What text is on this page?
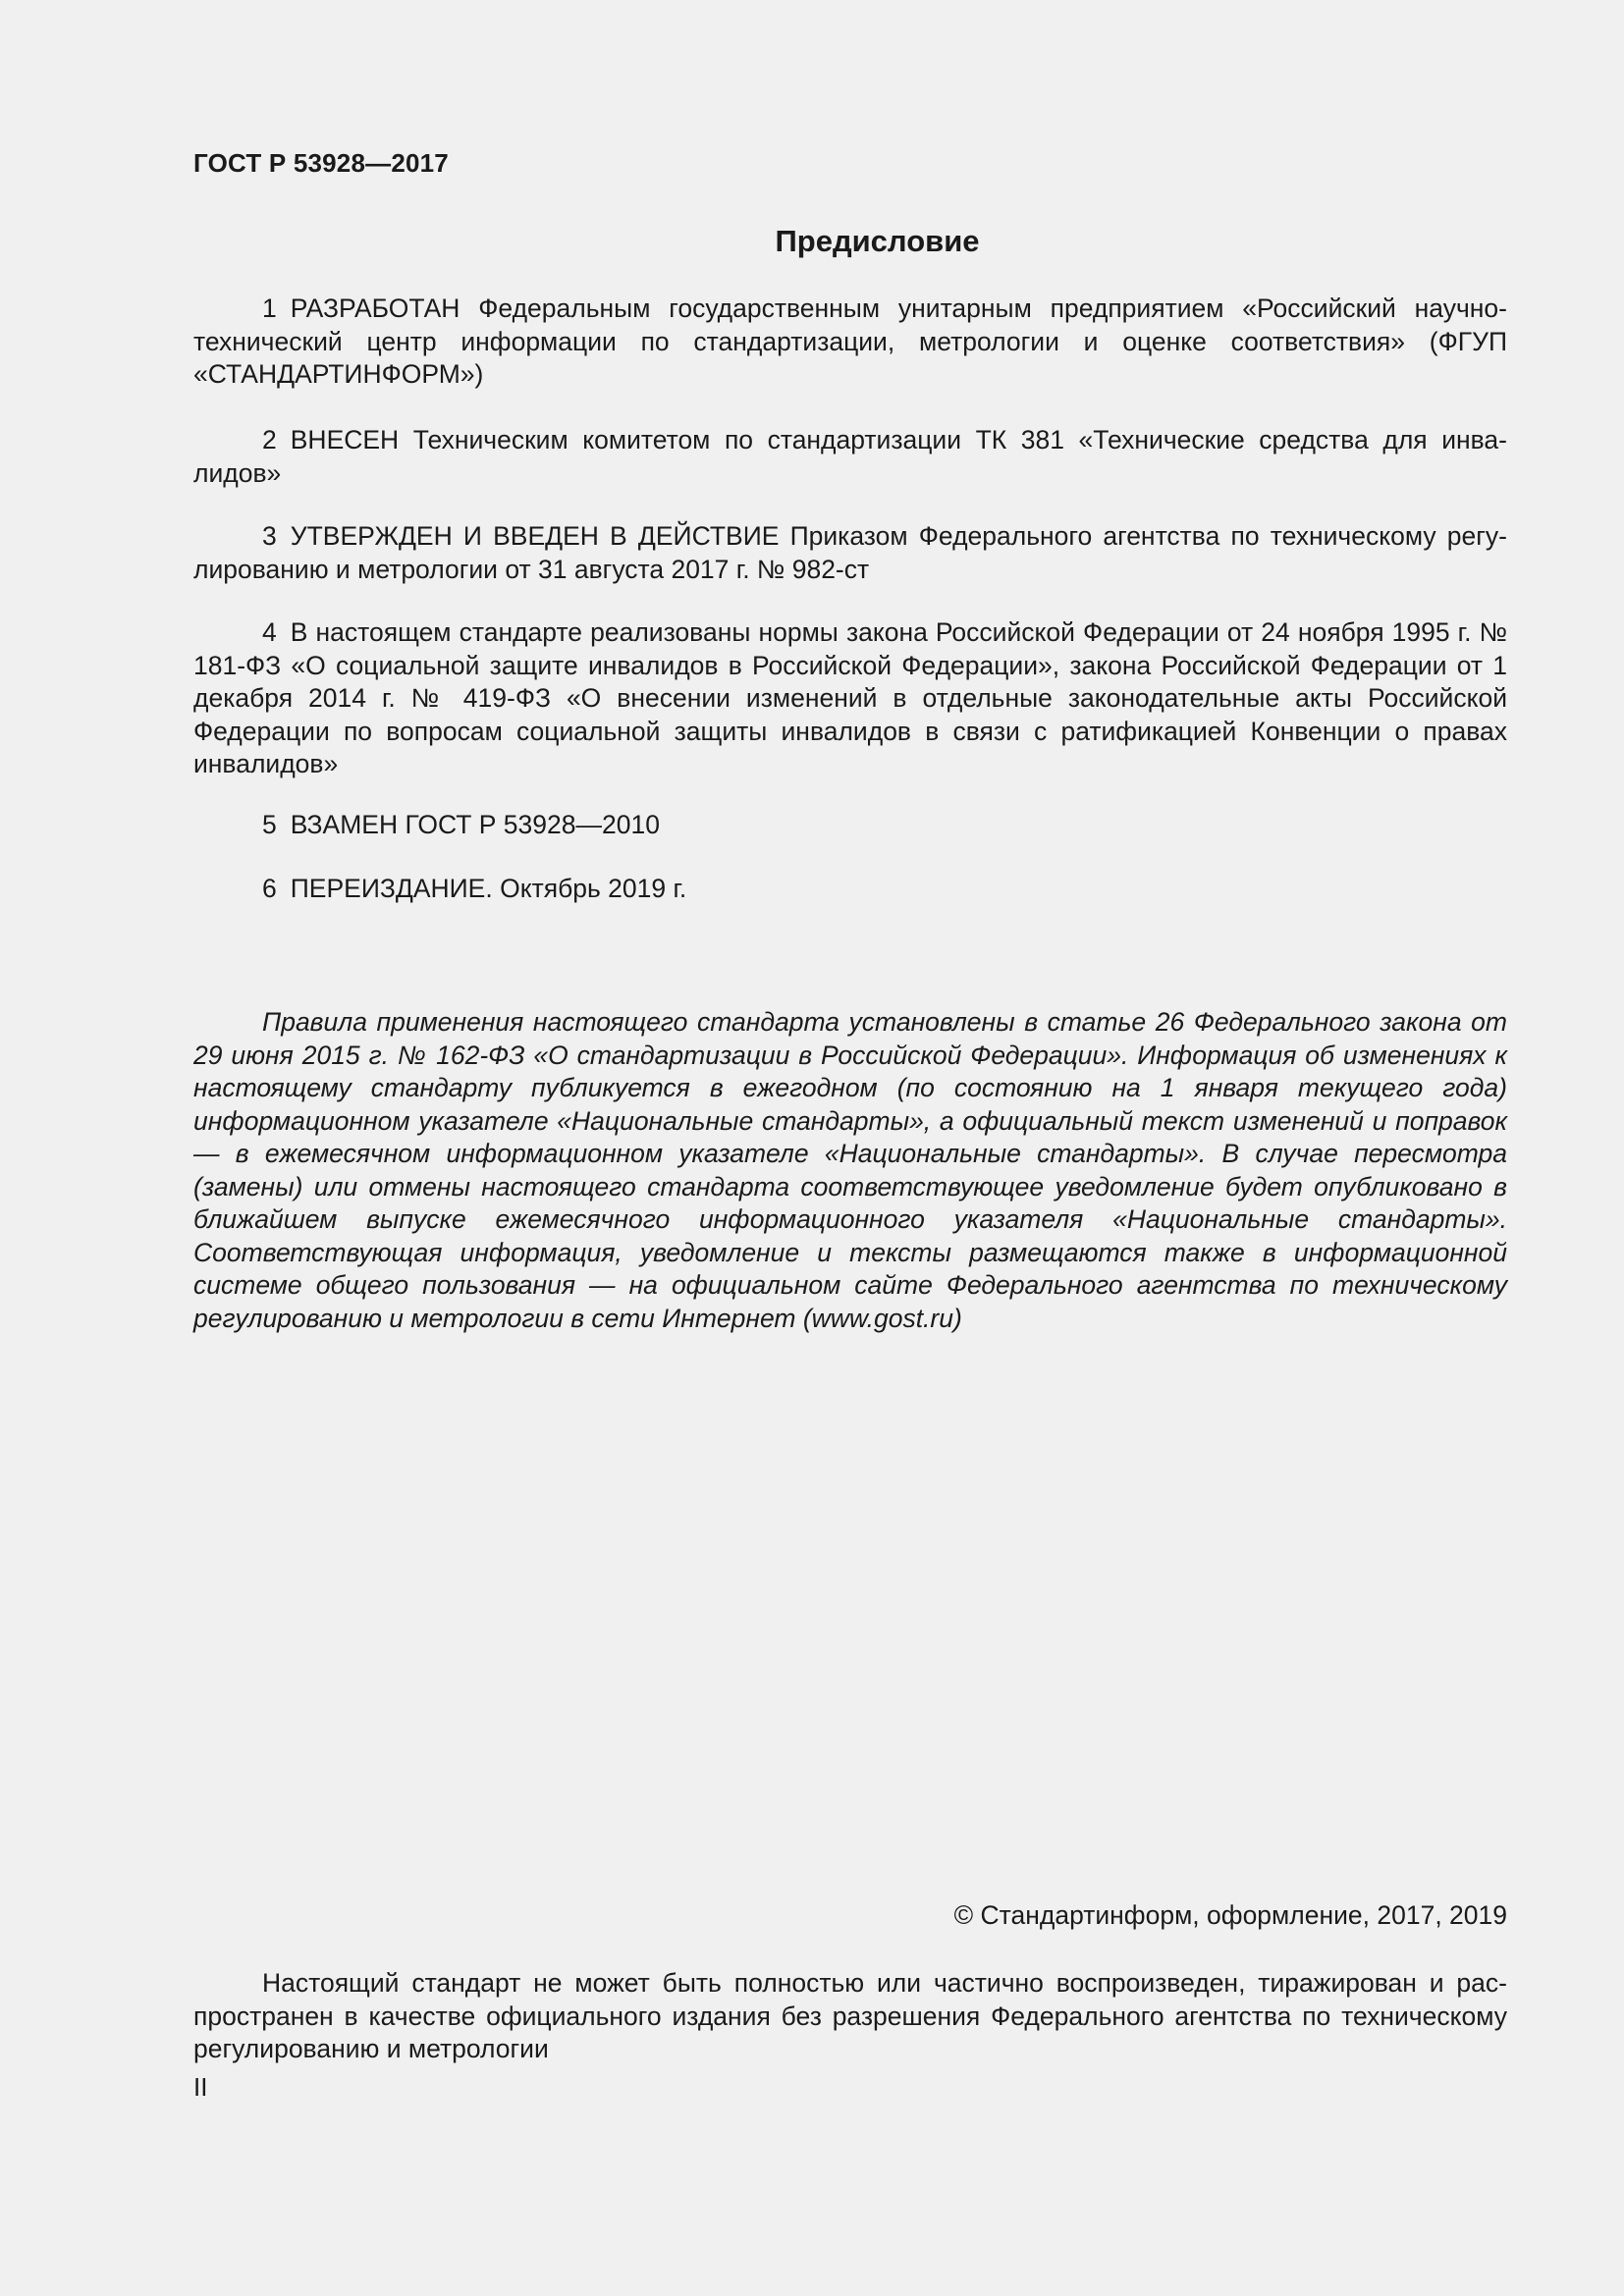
ГОСТ Р 53928—2017
Предисловие

1 РАЗРАБОТАН Федеральным государственным унитарным предприятием «Российский научно-технический центр информации по стандартизации, метрологии и оценке соответствия» (ФГУП «СТАНДАРТИНФОРМ»)

2 ВНЕСЕН Техническим комитетом по стандартизации ТК 381 «Технические средства для инвалидов»

3 УТВЕРЖДЕН И ВВЕДЕН В ДЕЙСТВИЕ Приказом Федерального агентства по техническому регулированию и метрологии от 31 августа 2017 г. № 982-ст

4 В настоящем стандарте реализованы нормы закона Российской Федерации от 24 ноября 1995 г. № 181-ФЗ «О социальной защите инвалидов в Российской Федерации», закона Российской Федерации от 1 декабря 2014 г. № 419-ФЗ «О внесении изменений в отдельные законодательные акты Российской Федерации по вопросам социальной защиты инвалидов в связи с ратификацией Конвенции о правах инвалидов»

5 ВЗАМЕН ГОСТ Р 53928—2010

6 ПЕРЕИЗДАНИЕ. Октябрь 2019 г.

Правила применения настоящего стандарта установлены в статье 26 Федерального закона от 29 июня 2015 г. № 162-ФЗ «О стандартизации в Российской Федерации». Информация об изменениях к настоящему стандарту публикуется в ежегодном (по состоянию на 1 января текущего года) информационном указателе «Национальные стандарты», а официальный текст изменений и поправок — в ежемесячном информационном указателе «Национальные стандарты». В случае пересмотра (замены) или отмены настоящего стандарта соответствующее уведомление будет опубликовано в ближайшем выпуске ежемесячного информационного указателя «Национальные стандарты». Соответствующая информация, уведомление и тексты размещаются также в информационной системе общего пользования — на официальном сайте Федерального агентства по техническому регулированию и метрологии в сети Интернет (www.gost.ru)

© Стандартинформ, оформление, 2017, 2019

Настоящий стандарт не может быть полностью или частично воспроизведен, тиражирован и распространен в качестве официального издания без разрешения Федерального агентства по техническому регулированию и метрологии

II
